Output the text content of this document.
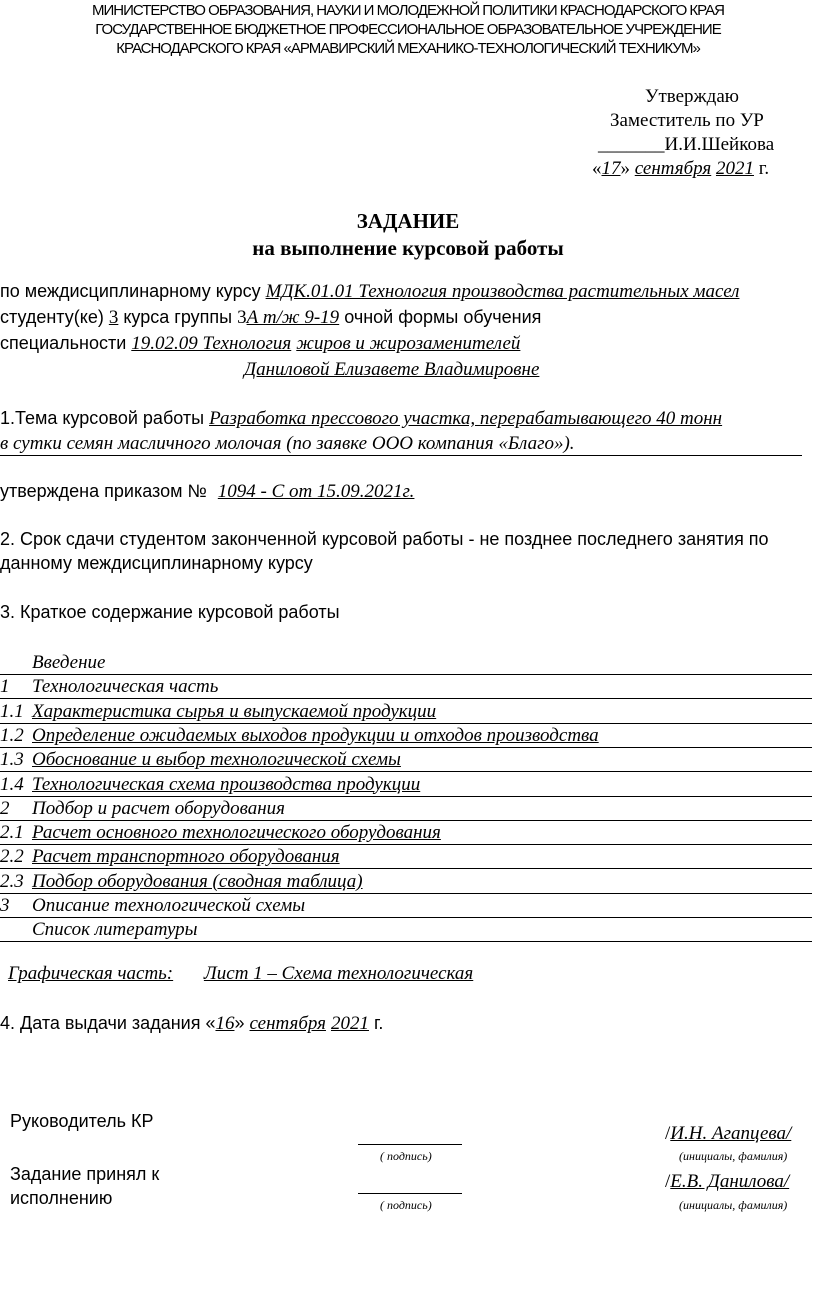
МИНИСТЕРСТВО ОБРАЗОВАНИЯ, НАУКИ И МОЛОДЕЖНОЙ ПОЛИТИКИ КРАСНОДАРСКОГО КРАЯ
ГОСУДАРСТВЕННОЕ БЮДЖЕТНОЕ ПРОФЕССИОНАЛЬНОЕ ОБРАЗОВАТЕЛЬНОЕ УЧРЕЖДЕНИЕ
КРАСНОДАРСКОГО КРАЯ «АРМАВИРСКИЙ МЕХАНИКО-ТЕХНОЛОГИЧЕСКИЙ ТЕХНИКУМ»
Утверждаю
Заместитель по УР
_______И.И.Шейкова
«17» сентября 2021 г.
ЗАДАНИЕ
на выполнение курсовой работы
по междисциплинарному курсу МДК.01.01 Технология производства растительных масел
студенту(ке) 3 курса группы 3А т/ж 9-19 очной формы обучения
специальности 19.02.09 Технология жиров и жирозаменителей
Даниловой Елизавете Владимировне
1.Тема курсовой работы Разработка прессового участка, перерабатывающего 40 тонн
в сутки семян масличного молочая (по заявке ООО компания «Благо»).
утверждена приказом № 1094 - С от 15.09.2021г.
2. Срок сдачи студентом законченной курсовой работы - не позднее последнего занятия по
данному междисциплинарному курсу
3. Краткое содержание курсовой работы
Введение
1 Технологическая часть
1.1 Характеристика сырья и выпускаемой продукции
1.2 Определение ожидаемых выходов продукции и отходов производства
1.3 Обоснование и выбор технологической схемы
1.4 Технологическая схема производства продукции
2 Подбор и расчет оборудования
2.1 Расчет основного технологического оборудования
2.2 Расчет транспортного оборудования
2.3 Подбор оборудования (сводная таблица)
3 Описание технологической схемы
Список литературы
Графическая часть: Лист 1 – Схема технологическая
4. Дата выдачи задания «16» сентября 2021 г.
Руководитель КР
( подпись)
/И.Н. Агапцева/
(инициалы, фамилия)
Задание принял к
исполнению	( подпись)
/Е.В. Данилова/
(инициалы, фамилия)
